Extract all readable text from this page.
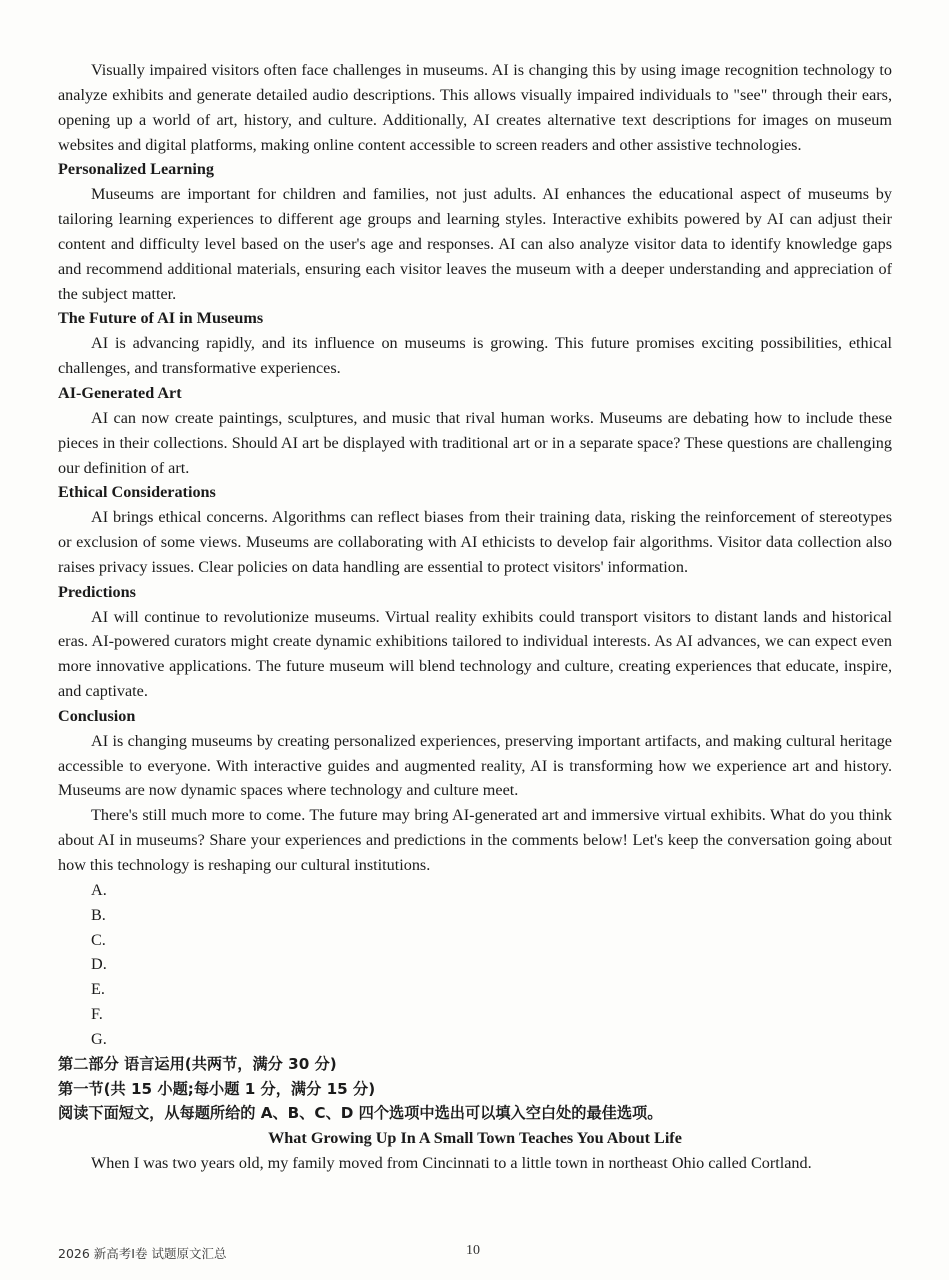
Visually impaired visitors often face challenges in museums. AI is changing this by using image recognition technology to analyze exhibits and generate detailed audio descriptions. This allows visually impaired individuals to "see" through their ears, opening up a world of art, history, and culture. Additionally, AI creates alternative text descriptions for images on museum websites and digital platforms, making online content accessible to screen readers and other assistive technologies.

Personalized Learning

Museums are important for children and families, not just adults. AI enhances the educational aspect of museums by tailoring learning experiences to different age groups and learning styles. Interactive exhibits powered by AI can adjust their content and difficulty level based on the user's age and responses. AI can also analyze visitor data to identify knowledge gaps and recommend additional materials, ensuring each visitor leaves the museum with a deeper understanding and appreciation of the subject matter.

The Future of AI in Museums

AI is advancing rapidly, and its influence on museums is growing. This future promises exciting possibilities, ethical challenges, and transformative experiences.

AI-Generated Art

AI can now create paintings, sculptures, and music that rival human works. Museums are debating how to include these pieces in their collections. Should AI art be displayed with traditional art or in a separate space? These questions are challenging our definition of art.

Ethical Considerations

AI brings ethical concerns. Algorithms can reflect biases from their training data, risking the reinforcement of stereotypes or exclusion of some views. Museums are collaborating with AI ethicists to develop fair algorithms. Visitor data collection also raises privacy issues. Clear policies on data handling are essential to protect visitors' information.

Predictions

AI will continue to revolutionize museums. Virtual reality exhibits could transport visitors to distant lands and historical eras. AI-powered curators might create dynamic exhibitions tailored to individual interests. As AI advances, we can expect even more innovative applications. The future museum will blend technology and culture, creating experiences that educate, inspire, and captivate.

Conclusion

AI is changing museums by creating personalized experiences, preserving important artifacts, and making cultural heritage accessible to everyone. With interactive guides and augmented reality, AI is transforming how we experience art and history. Museums are now dynamic spaces where technology and culture meet.

There's still much more to come. The future may bring AI-generated art and immersive virtual exhibits. What do you think about AI in museums? Share your experiences and predictions in the comments below! Let's keep the conversation going about how this technology is reshaping our cultural institutions.

A.

B.

C.

D.

E.

F.

G.

第二部分 语言运用(共两节，满分 30 分)

第一节(共 15 小题;每小题 1 分，满分 15 分)

阅读下面短文，从每题所给的 A、B、C、D 四个选项中选出可以填入空白处的最佳选项。

What Growing Up In A Small Town Teaches You About Life

When I was two years old, my family moved from Cincinnati to a little town in northeast Ohio called Cortland.

2026 新高考I卷 试题原文汇总	10
